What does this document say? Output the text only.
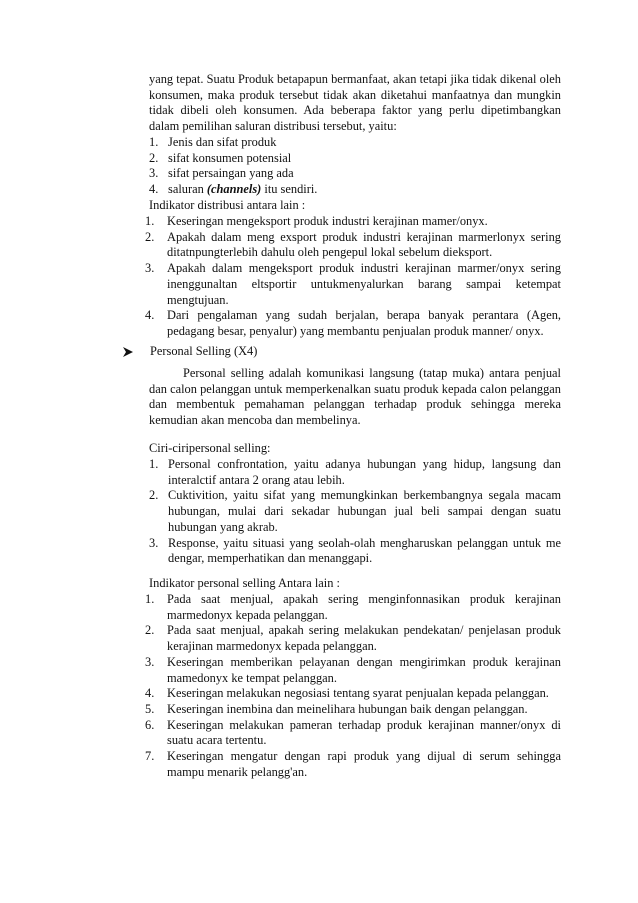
yang tepat. Suatu Produk betapapun bermanfaat, akan tetapi jika tidak dikenal oleh konsumen, maka produk tersebut tidak akan diketahui manfaatnya dan mungkin tidak dibeli oleh konsumen. Ada beberapa faktor yang perlu dipetimbangkan dalam pemilihan saluran distribusi tersebut, yaitu:
1. Jenis dan sifat produk
2. sifat konsumen potensial
3. sifat persaingan yang ada
4. saluran (channels) itu sendiri.
Indikator distribusi antara lain :
1. Keseringan mengeksport produk industri kerajinan mamer/onyx.
2. Apakah dalam meng exsport produk industri kerajinan marmerlonyx sering ditatnpungterlebih dahulu oleh pengepul lokal sebelum dieksport.
3. Apakah dalam mengeksport produk industri kerajinan marmer/onyx sering inenggunaltan eltsportir untukmenyalurkan barang sampai ketempat mengtujuan.
4. Dari pengalaman yang sudah berjalan, berapa banyak perantara (Agen, pedagang besar, penyalur) yang membantu penjualan produk manner/ onyx.
Personal Selling (X4)
Personal selling adalah komunikasi langsung (tatap muka) antara penjual dan calon pelanggan untuk memperkenalkan suatu produk kepada calon pelanggan dan membentuk pemahaman pelanggan terhadap produk sehingga mereka kemudian akan mencoba dan membelinya.
Ciri-ciripersonal selling:
1. Personal confrontation, yaitu adanya hubungan yang hidup, langsung dan interalctif antara 2 orang atau lebih.
2. Cuktivition, yaitu sifat yang memungkinkan berkembangnya segala macam hubungan, mulai dari sekadar hubungan jual beli sampai dengan suatu hubungan yang akrab.
3. Response, yaitu situasi yang seolah-olah mengharuskan pelanggan untuk me dengar, memperhatikan dan menanggapi.
Indikator personal selling Antara lain :
1. Pada saat menjual, apakah sering menginfonnasikan produk kerajinan marmedonyx kepada pelanggan.
2. Pada saat menjual, apakah sering melakukan pendekatan/ penjelasan produk kerajinan marmedonyx kepada pelanggan.
3. Keseringan memberikan pelayanan dengan mengirimkan produk kerajinan mamedonyx ke tempat pelanggan.
4. Keseringan melakukan negosiasi tentang syarat penjualan kepada pelanggan.
5. Keseringan inembina dan meinelihara hubungan baik dengan pelanggan.
6. Keseringan melakukan pameran terhadap produk kerajinan manner/onyx di suatu acara tertentu.
7. Keseringan mengatur dengan rapi produk yang dijual di serum sehingga mampu menarik pelangg'an.
